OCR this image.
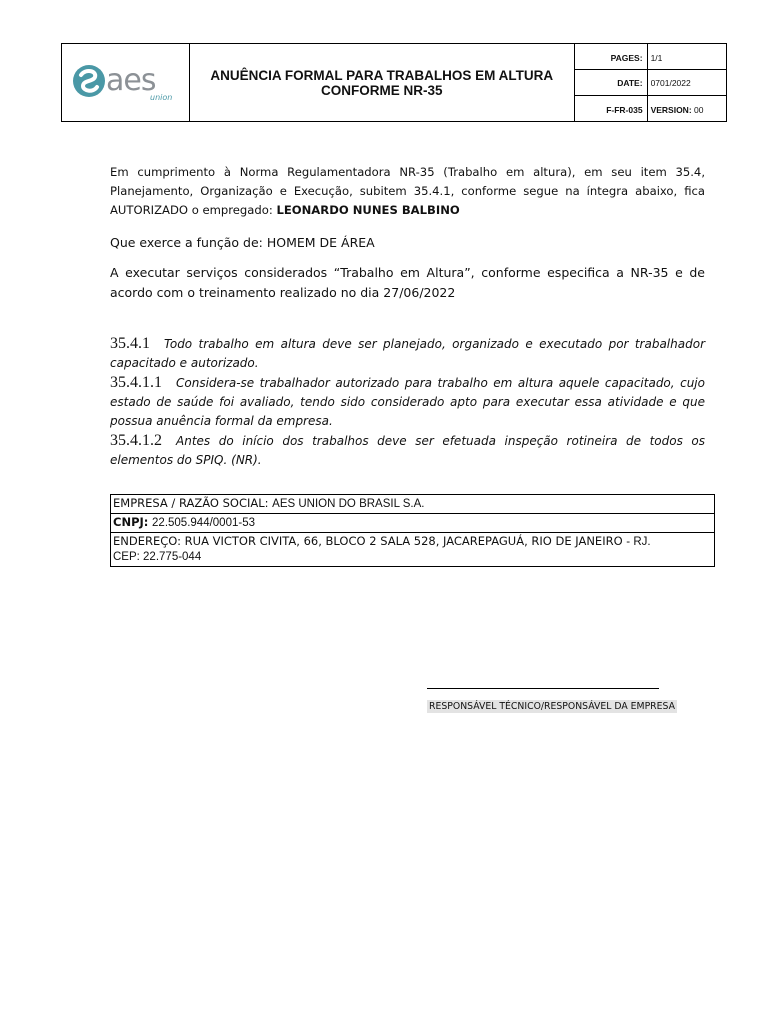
aes
union
ANUÊNCIA FORMAL PARA TRABALHOS EM ALTURA
CONFORME NR-35
PAGES: 1/1
DATE: 0701/2022
F-FR-035 VERSION: 00
Em cumprimento à Norma Regulamentadora NR-35 (Trabalho em altura), em seu item 35.4, Planejamento, Organização e Execução, subitem 35.4.1, conforme segue na íntegra abaixo, fica AUTORIZADO o empregado: LEONARDO NUNES BALBINO
Que exerce a função de: HOMEM DE ÁREA
A executar serviços considerados “Trabalho em Altura”, conforme especifica a NR-35 e de acordo com o treinamento realizado no dia 27/06/2022
35.4.1 Todo trabalho em altura deve ser planejado, organizado e executado por trabalhador capacitado e autorizado.
35.4.1.1 Considera-se trabalhador autorizado para trabalho em altura aquele capacitado, cujo estado de saúde foi avaliado, tendo sido considerado apto para executar essa atividade e que possua anuência formal da empresa.
35.4.1.2 Antes do início dos trabalhos deve ser efetuada inspeção rotineira de todos os elementos do SPIQ. (NR).
EMPRESA / RAZÃO SOCIAL: AES UNION DO BRASIL S.A.
CNPJ: 22.505.944/0001-53
ENDEREÇO: RUA VICTOR CIVITA, 66, BLOCO 2 SALA 528, JACAREPAGUÁ, RIO DE JANEIRO - RJ.
CEP: 22.775-044
RESPONSÁVEL TÉCNICO/RESPONSÁVEL DA EMPRESA
